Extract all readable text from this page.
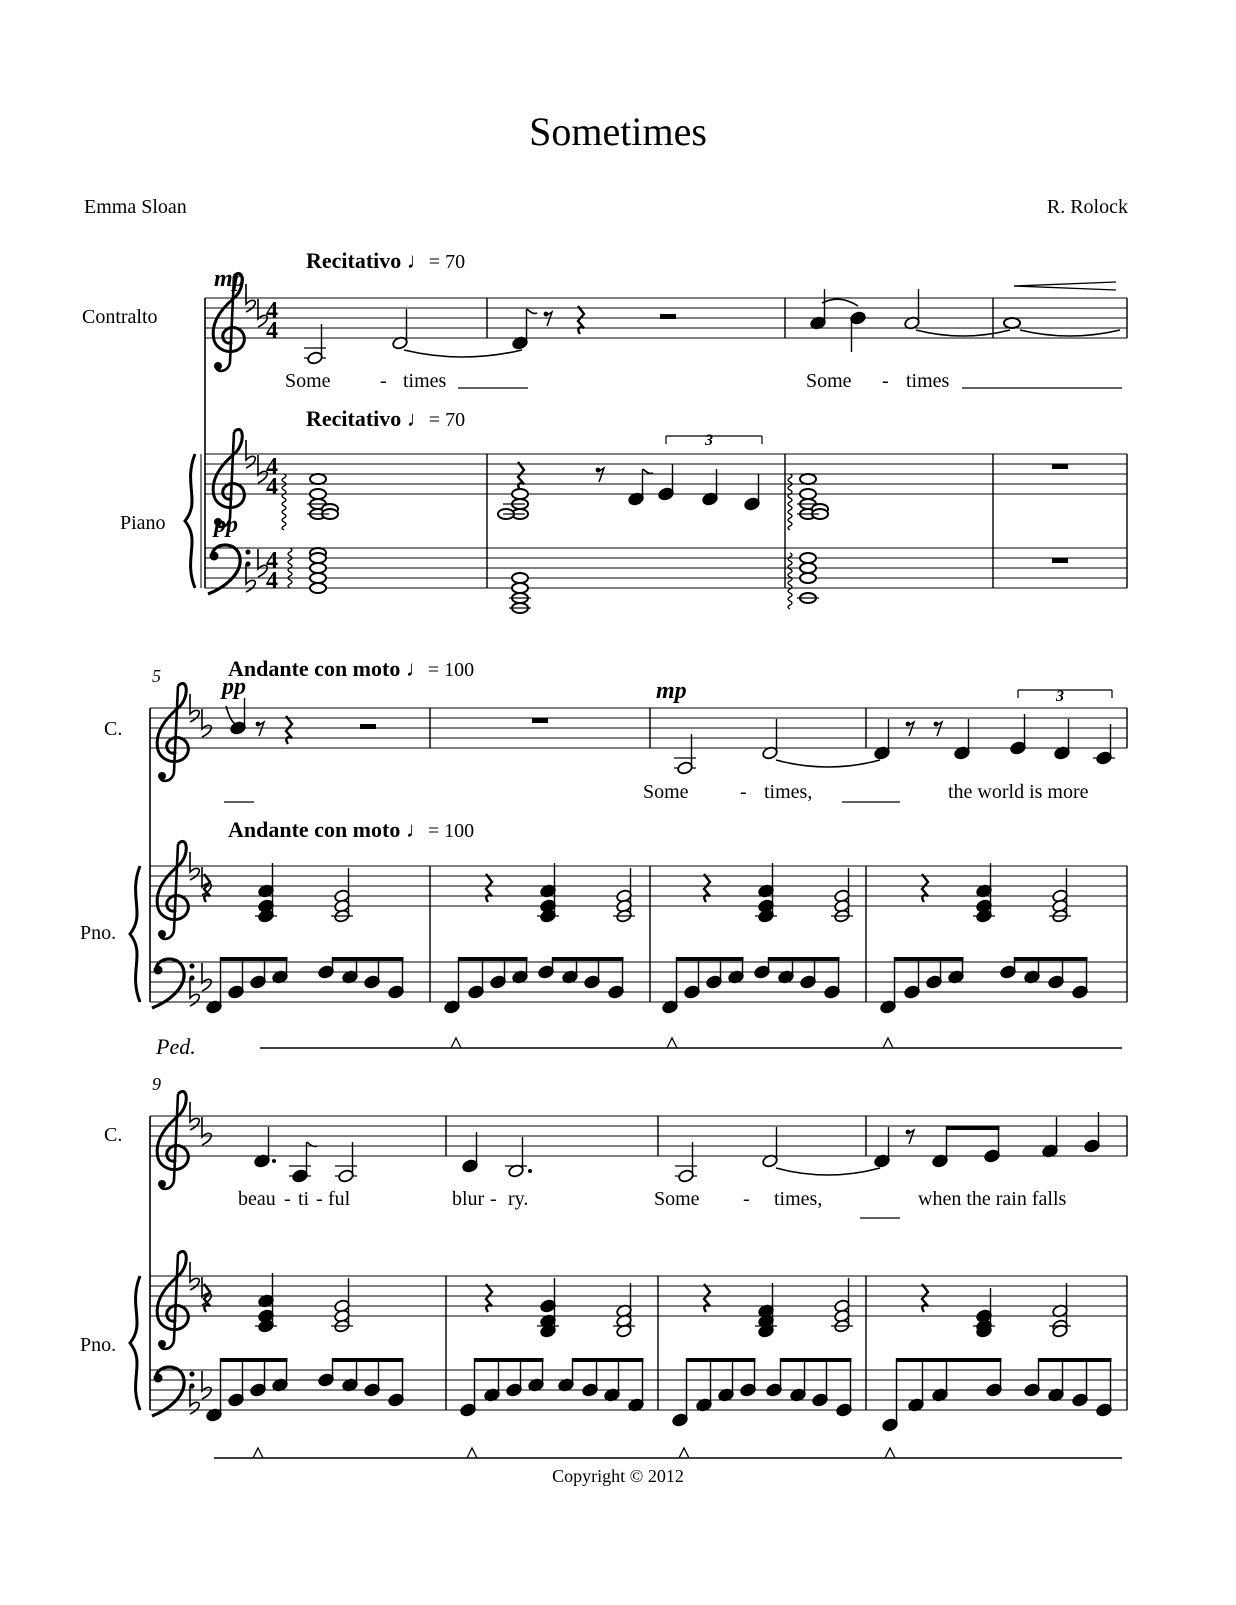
4
4
4
4
4
4
Sometimes
Emma Sloan	R. Rolock
Contralto
Piano
C.
Pno.
C.
Pno.
Recitativo ♩= 70
Recitativo ♩= 70
Andante con moto ♩= 100
Andante con moto ♩= 100
mp
pp
pp	mp
5
9
3
3
Ped.
Some - times	Some - times
Some	- times,	the world is more
beau - ti - ful	blur - ry.	Some - times,	when the rain falls
Copyright © 2012
